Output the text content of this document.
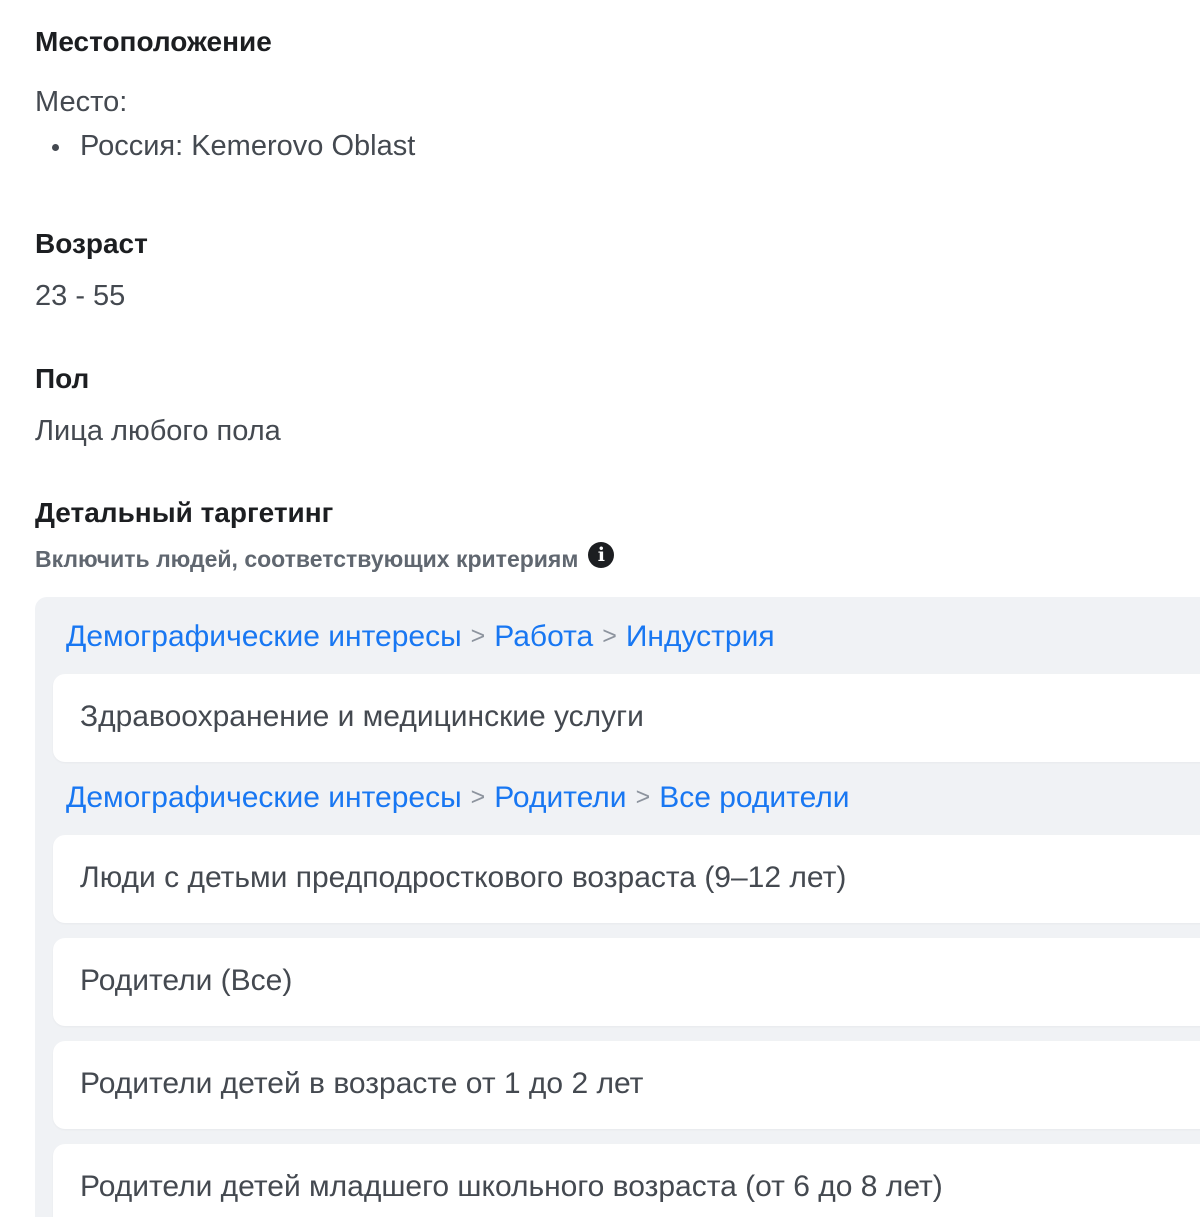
Местоположение
Место:
Россия: Kemerovo Oblast
Возраст
23 - 55
Пол
Лица любого пола
Детальный таргетинг
Включить людей, соответствующих критериям	i
Демографические интересы > Работа > Индустрия
Здравоохранение и медицинские услуги
Демографические интересы > Родители > Все родители
Люди с детьми предподросткового возраста (9–12 лет)
Родители (Все)
Родители детей в возрасте от 1 до 2 лет
Родители детей младшего школьного возраста (от 6 до 8 лет)
